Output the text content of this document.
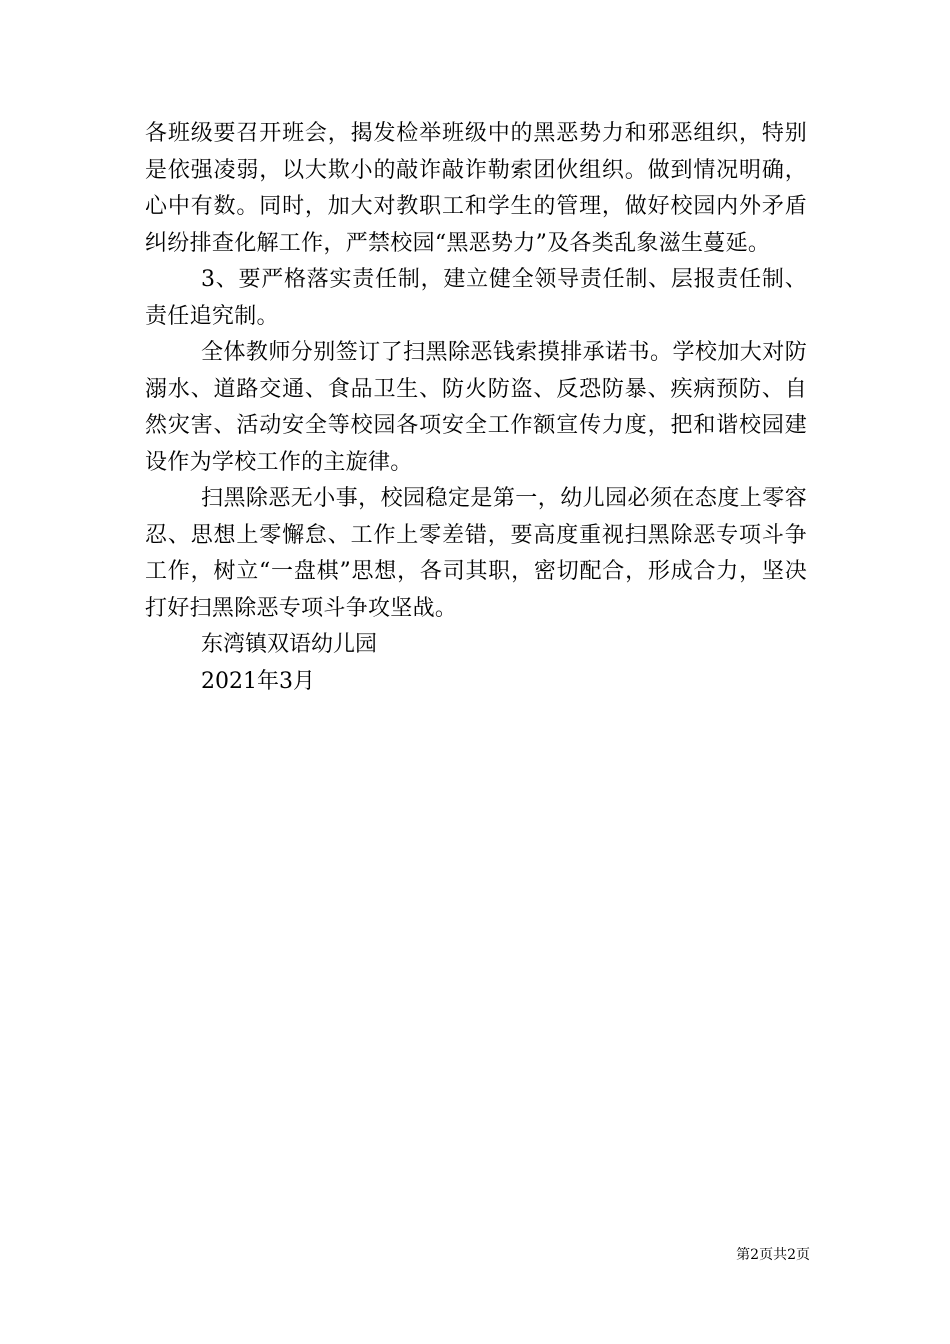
各班级要召开班会，揭发检举班级中的黑恶势力和邪恶组织，特别是依强凌弱，以大欺小的敲诈敲诈勒索团伙组织。做到情况明确，心中有数。同时，加大对教职工和学生的管理，做好校园内外矛盾纠纷排查化解工作，严禁校园“黑恶势力”及各类乱象滋生蔓延。

3、要严格落实责任制，建立健全领导责任制、层报责任制、责任追究制。

全体教师分别签订了扫黑除恶钱索摸排承诺书。学校加大对防溺水、道路交通、食品卫生、防火防盗、反恐防暴、疾病预防、自然灾害、活动安全等校园各项安全工作额宣传力度，把和谐校园建设作为学校工作的主旋律。

扫黑除恶无小事，校园稳定是第一，幼儿园必须在态度上零容忍、思想上零懈怠、工作上零差错，要高度重视扫黑除恶专项斗争工作，树立“一盘棋”思想，各司其职，密切配合，形成合力，坚决打好扫黑除恶专项斗争攻坚战。

东湾镇双语幼儿园

2021年3月

第2页共2页
